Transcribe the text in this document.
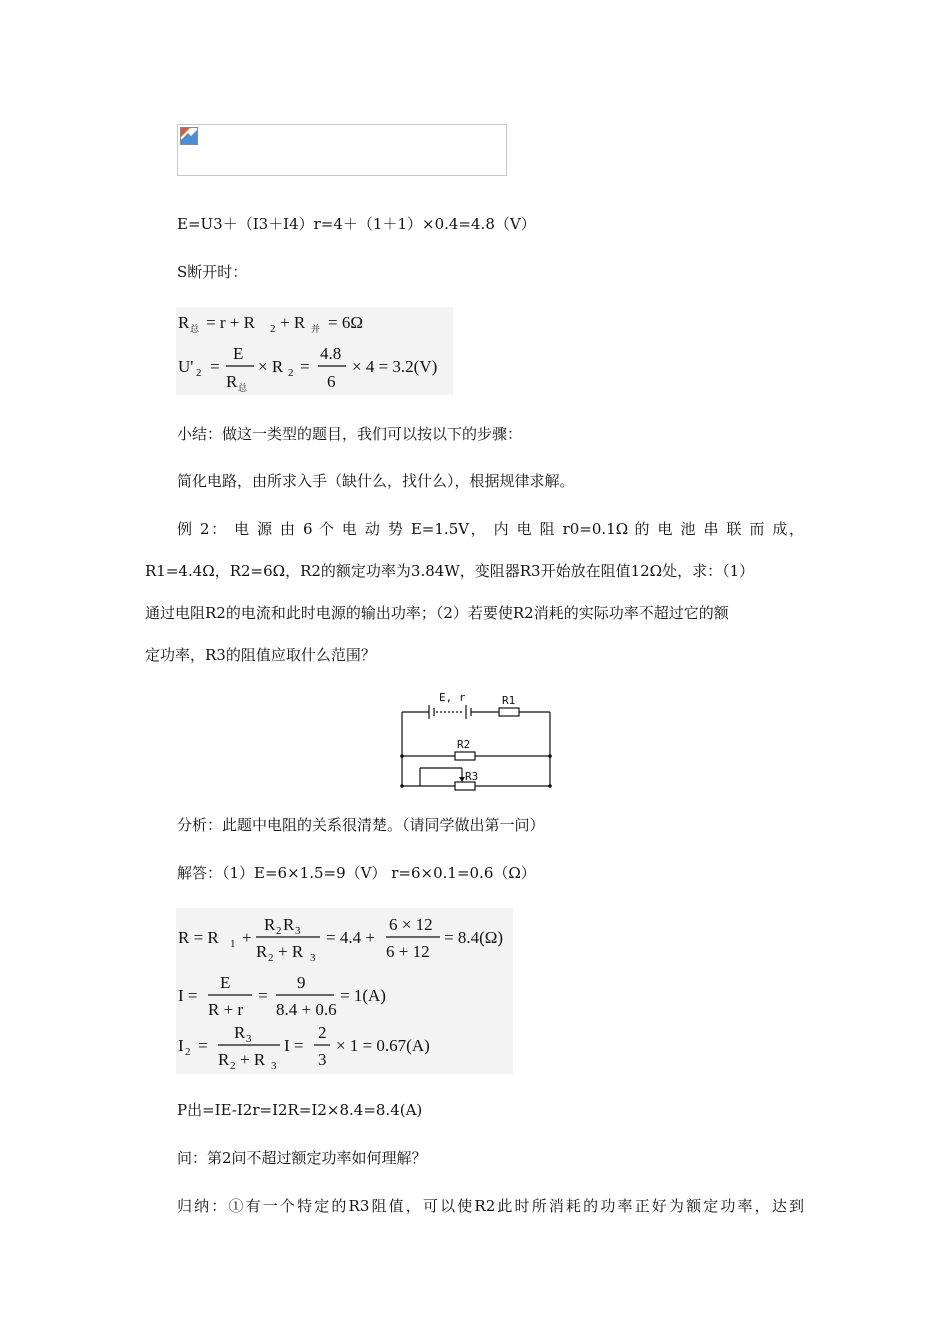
E=U3＋（I3＋I4）r=4＋（1＋1）×0.4=4.8（V）
S断开时：
R 总 = r + R 2 + R 并 = 6Ω
U' 2 =
E
R 总
× R 2 =
4.8
6
× 4 = 3.2(V)
小结：做这一类型的题目，我们可以按以下的步骤：
简化电路，由所求入手（缺什么，找什么），根据规律求解。
例 2： 电 源 由 6 个 电 动 势 E=1.5V， 内 电 阻 r0=0.1Ω 的 电 池 串 联 而 成，
R1=4.4Ω，R2=6Ω，R2的额定功率为3.84W，变阻器R3开始放在阻值12Ω处，求：（1）
通过电阻R2的电流和此时电源的输出功率；（2）若要使R2消耗的实际功率不超过它的额
定功率，R3的阻值应取什么范围？
E, r	R1
R2
R3
分析：此题中电阻的关系很清楚。（请同学做出第一问）
解答：（1）E=6×1.5=9（V） r=6×0.1=0.6（Ω）
R = R 1 +
R 2 R 3
R 2 + R 3
= 4.4 +
6 × 12
6 + 12
= 8.4(Ω)
I =
E
R + r
=
9
8.4 + 0.6
= 1(A)
I 2 =
R 3
R 2 + R 3
I =
2
3
× 1 = 0.67(A)
P出=IE-I2r=I2R=I2×8.4=8.4(A)
问：第2问不超过额定功率如何理解？
归纳：①有一个特定的R3阻值，可以使R2此时所消耗的功率正好为额定功率，达到
